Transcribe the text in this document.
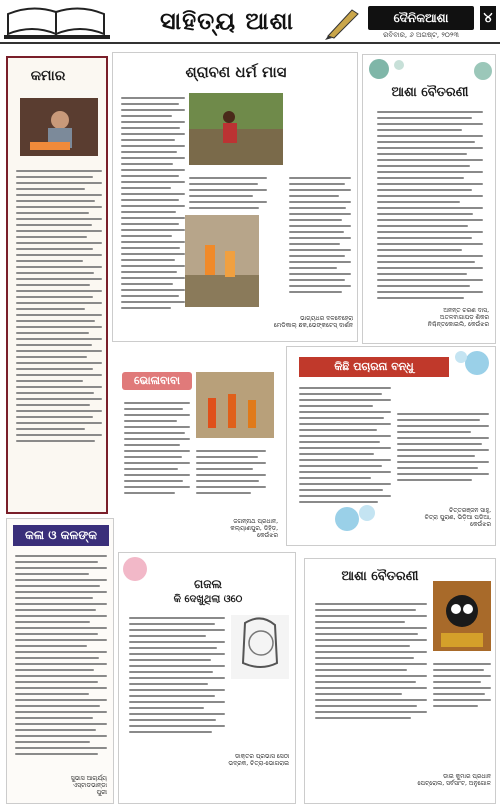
ସାହିତ୍ୟ ଆଶା	ଦୈନିକଆଶା
ରବିବାର, ୬ ଅଗଷ୍ଟ, ୨୦୨୩
୪
କମାର	ଶ୍ରାବଣ ଧର୍ମ ମାସ
ଭାଗ୍ୟଧର ଦଳବେହେରା
ମେଡିକାଲ୍ ଛକ,ଭେଙ୍କଟେସ୍ ଦାର୍ଶନ
ଆଶା ବୈତରଣୀ
ଅନନ୍ତ ଚରଣ ଦାସ,
ଅତଳବାଗାପଡ଼ ଶିକର
ନିଶ୍ଚିନ୍ତକୋଇଲି, କେଉଁଝର
ଭୋଳାବାବା
ଜଗନ୍ନାଥ ପ୍ରଧାନ,
କଲ୍ୟାଣପୁର, ଡିହିଡ଼,
କେଉଁଝର
କିଛି ପଚାରନା ବନ୍ଧୁ
ଚିତ୍ତରଞ୍ଜନ ସାହୁ,
ଚିତ୍ରା ପୁରାଣ, ଭିଡ଼ିଆ ପଡ଼ିଆ,
କେଉଁଝର
କଳା ଓ କଳଙ୍କ
ସୁଭାସ ଆଚାର୍ଯ୍ୟ
ଏସ୍ଟାଡଭାନ୍ଡା
ପୁରୀ
ଗଜଲ
କି ଦେଖୁଥିଲା ଓଠେ
ଡାକ୍ତର ପ୍ରଭାସ ସେଠୀ
ଭଦ୍ରକ, ଚିତ୍ରା-ଭୋଗରାଇ
ଆଶା ବୈତରଣୀ
ଡାଇ କୁମାର ପ୍ରଧାନ
ପେଟ୍ରୋଲ, ସର୍ବସାଂଟ, ଅନୁଗୋଳ
